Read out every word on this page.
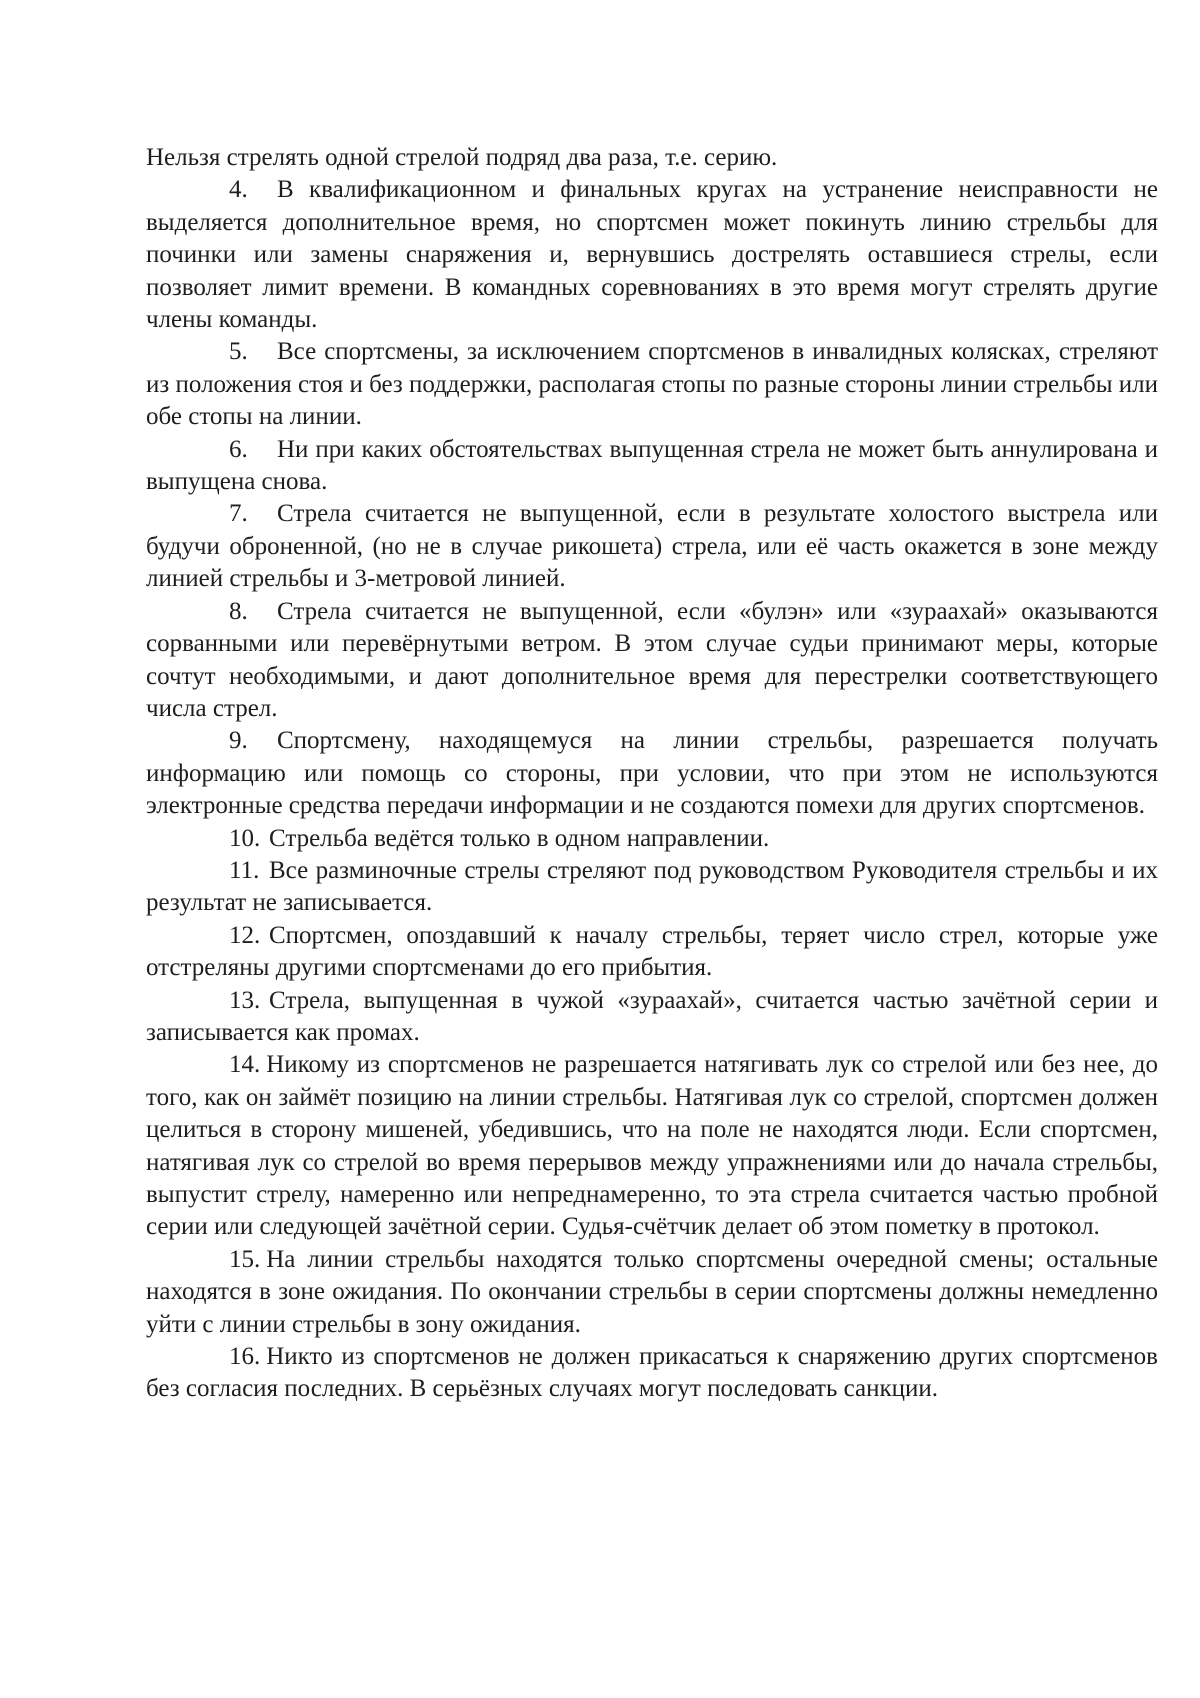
Нельзя стрелять одной стрелой подряд два раза, т.е. серию.

4. В квалификационном и финальных кругах на устранение неисправности не выделяется дополнительное время, но спортсмен может покинуть линию стрельбы для починки или замены снаряжения и, вернувшись дострелять оставшиеся стрелы, если позволяет лимит времени. В командных соревнованиях в это время могут стрелять другие члены команды.

5. Все спортсмены, за исключением спортсменов в инвалидных колясках, стреляют из положения стоя и без поддержки, располагая стопы по разные стороны линии стрельбы или обе стопы на линии.

6. Ни при каких обстоятельствах выпущенная стрела не может быть аннулирована и выпущена снова.

7. Стрела считается не выпущенной, если в результате холостого выстрела или будучи оброненной, (но не в случае рикошета) стрела, или её часть окажется в зоне между линией стрельбы и 3-метровой линией.

8. Стрела считается не выпущенной, если «булэн» или «зураахай» оказываются сорванными или перевёрнутыми ветром. В этом случае судьи принимают меры, которые сочтут необходимыми, и дают дополнительное время для перестрелки соответствующего числа стрел.

9. Спортсмену, находящемуся на линии стрельбы, разрешается получать информацию или помощь со стороны, при условии, что при этом не используются электронные средства передачи информации и не создаются помехи для других спортсменов.

10. Стрельба ведётся только в одном направлении.

11. Все разминочные стрелы стреляют под руководством Руководителя стрельбы и их результат не записывается.

12. Спортсмен, опоздавший к началу стрельбы, теряет число стрел, которые уже отстреляны другими спортсменами до его прибытия.

13. Стрела, выпущенная в чужой «зураахай», считается частью зачётной серии и записывается как промах.

14. Никому из спортсменов не разрешается натягивать лук со стрелой или без нее, до того, как он займёт позицию на линии стрельбы. Натягивая лук со стрелой, спортсмен должен целиться в сторону мишеней, убедившись, что на поле не находятся люди. Если спортсмен, натягивая лук со стрелой во время перерывов между упражнениями или до начала стрельбы, выпустит стрелу, намеренно или непреднамеренно, то эта стрела считается частью пробной серии или следующей зачётной серии. Судья-счётчик делает об этом пометку в протокол.

15. На линии стрельбы находятся только спортсмены очередной смены; остальные находятся в зоне ожидания. По окончании стрельбы в серии спортсмены должны немедленно уйти с линии стрельбы в зону ожидания.

16. Никто из спортсменов не должен прикасаться к снаряжению других спортсменов без согласия последних. В серьёзных случаях могут последовать санкции.
